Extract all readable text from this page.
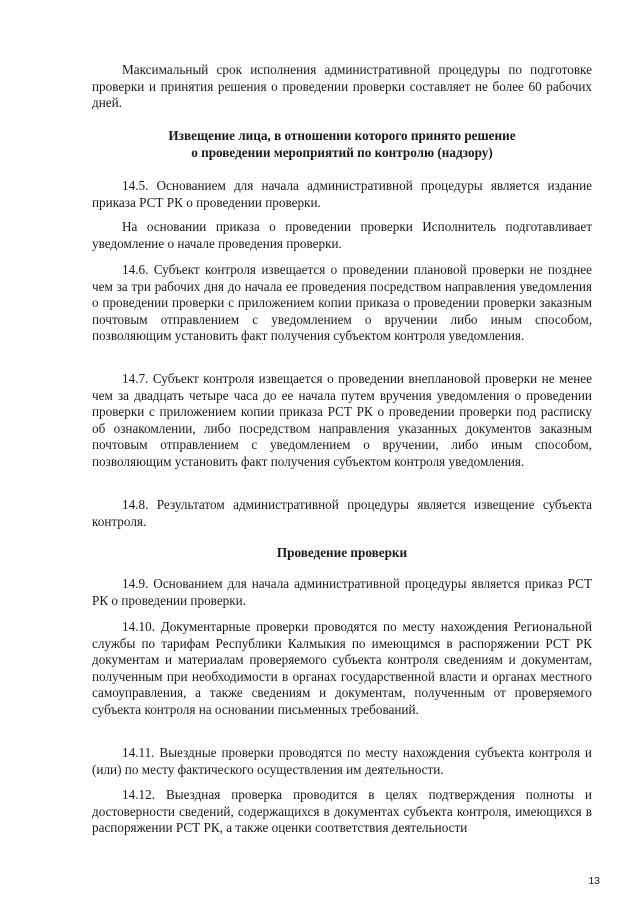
Максимальный срок исполнения административной процедуры по подготовке проверки и принятия решения о проведении проверки составляет не более 60 рабочих дней.

Извещение лица, в отношении которого принято решение
о проведении мероприятий по контролю (надзору)

14.5. Основанием для начала административной процедуры является издание приказа РСТ РК о проведении проверки.

На основании приказа о проведении проверки Исполнитель подготавливает уведомление о начале проведения проверки.

14.6. Субъект контроля извещается о проведении плановой проверки не позднее чем за три рабочих дня до начала ее проведения посредством направления уведомления о проведении проверки с приложением копии приказа о проведении проверки заказным почтовым отправлением с уведомлением о вручении либо иным способом, позволяющим установить факт получения субъектом контроля уведомления.

14.7. Субъект контроля извещается о проведении внеплановой проверки не менее чем за двадцать четыре часа до ее начала путем вручения уведомления о проведении проверки с приложением копии приказа РСТ РК о проведении проверки под расписку об ознакомлении, либо посредством направления указанных документов заказным почтовым отправлением с уведомлением о вручении, либо иным способом, позволяющим установить факт получения субъектом контроля уведомления.

14.8. Результатом административной процедуры является извещение субъекта контроля.

Проведение проверки

14.9. Основанием для начала административной процедуры является приказ РСТ РК о проведении проверки.

14.10. Документарные проверки проводятся по месту нахождения Региональной службы по тарифам Республики Калмыкия по имеющимся в распоряжении РСТ РК документам и материалам проверяемого субъекта контроля сведениям и документам, полученным при необходимости в органах государственной власти и органах местного самоуправления, а также сведениям и документам, полученным от проверяемого субъекта контроля на основании письменных требований.

14.11. Выездные проверки проводятся по месту нахождения субъекта контроля и (или) по месту фактического осуществления им деятельности.

14.12. Выездная проверка проводится в целях подтверждения полноты и достоверности сведений, содержащихся в документах субъекта контроля, имеющихся в распоряжении РСТ РК, а также оценки соответствия деятельности

13
